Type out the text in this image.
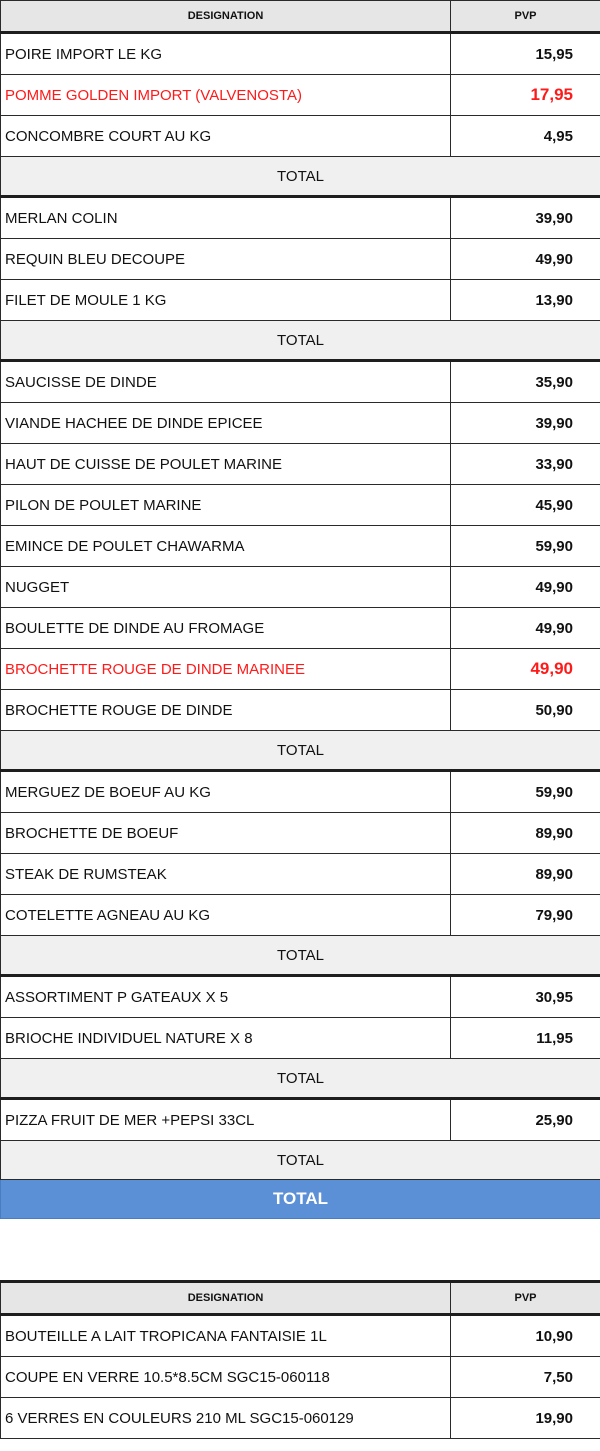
DESIGNATION	PVP
POIRE IMPORT LE KG	15,95
POMME GOLDEN IMPORT (VALVENOSTA)	17,95
CONCOMBRE COURT AU KG	4,95
TOTAL	
MERLAN COLIN	39,90
REQUIN BLEU DECOUPE	49,90
FILET DE MOULE 1 KG	13,90
TOTAL	
SAUCISSE DE DINDE	35,90
VIANDE HACHEE DE DINDE EPICEE	39,90
HAUT DE CUISSE DE POULET MARINE	33,90
PILON DE POULET MARINE	45,90
EMINCE DE POULET CHAWARMA	59,90
NUGGET	49,90
BOULETTE DE DINDE AU FROMAGE	49,90
BROCHETTE ROUGE DE DINDE MARINEE	49,90
BROCHETTE ROUGE DE DINDE	50,90
TOTAL	
MERGUEZ DE BOEUF AU KG	59,90
BROCHETTE DE BOEUF	89,90
STEAK DE RUMSTEAK	89,90
COTELETTE AGNEAU AU KG	79,90
TOTAL	
ASSORTIMENT P GATEAUX X 5	30,95
BRIOCHE INDIVIDUEL NATURE X 8	11,95
TOTAL	
PIZZA FRUIT DE MER +PEPSI 33CL	25,90
TOTAL	
TOTAL	
DESIGNATION	PVP
BOUTEILLE A LAIT TROPICANA FANTAISIE 1L	10,90
COUPE EN VERRE 10.5*8.5CM SGC15-060118	7,50
6 VERRES EN COULEURS 210 ML SGC15-060129	19,90
